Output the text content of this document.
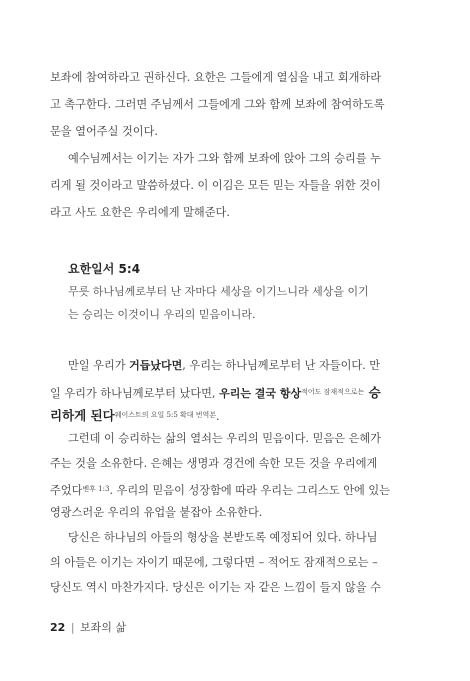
보좌에 참여하라고 권하신다. 요한은 그들에게 열심을 내고 회개하라
고 촉구한다. 그러면 주님께서 그들에게 그와 함께 보좌에 참여하도록
문을 열어주실 것이다.
예수님께서는 이기는 자가 그와 함께 보좌에 앉아 그의 승리를 누
리게 될 것이라고 말씀하셨다. 이 이김은 모든 믿는 자들을 위한 것이
라고 사도 요한은 우리에게 말해준다.
요한일서 5:4
무릇 하나님께로부터 난 자마다 세상을 이기느니라 세상을 이기
는 승리는 이것이니 우리의 믿음이니라.
만일 우리가 거듭났다면, 우리는 하나님께로부터 난 자들이다. 만
일 우리가 하나님께로부터 났다면, 우리는 결국 항상$^{적어도 잠재적으로는}$ 승
리하게 된다$^{웨이스트의 요일 5:5 확대 번역본}$.
그런데 이 승리하는 삶의 열쇠는 우리의 믿음이다. 믿음은 은혜가
주는 것을 소유한다. 은혜는 생명과 경건에 속한 모든 것을 우리에게
주었다$^{벧후 1:3}$. 우리의 믿음이 성장함에 따라 우리는 그리스도 안에 있는
영광스러운 우리의 유업을 붙잡아 소유한다.
당신은 하나님의 아들의 형상을 본받도록 예정되어 있다. 하나님
의 아들은 이기는 자이기 때문에, 그렇다면 – 적어도 잠재적으로는 –
당신도 역시 마찬가지다. 당신은 이기는 자 같은 느낌이 들지 않을 수
22 | 보좌의 삶
